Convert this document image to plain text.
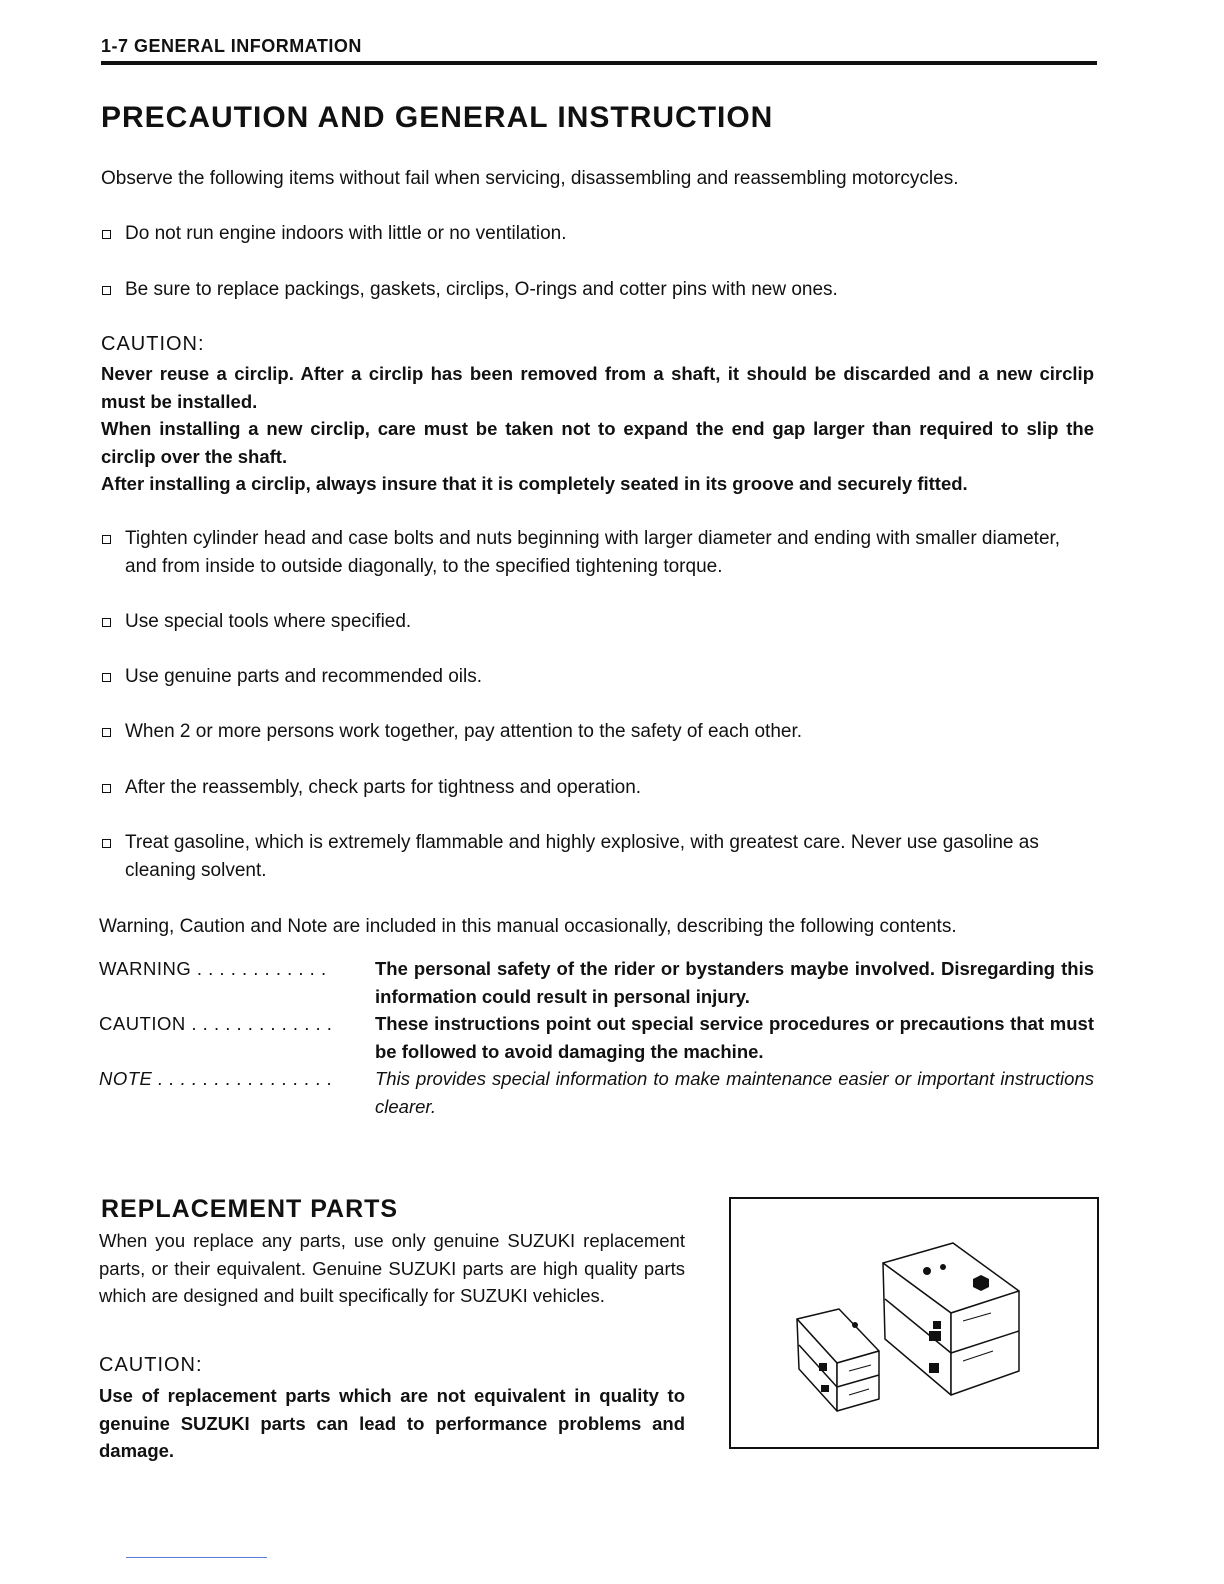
1-7 GENERAL INFORMATION
PRECAUTION AND GENERAL INSTRUCTION
Observe the following items without fail when servicing, disassembling and reassembling motorcycles.
Do not run engine indoors with little or no ventilation.
Be sure to replace packings, gaskets, circlips, O-rings and cotter pins with new ones.
CAUTION:
Never reuse a circlip. After a circlip has been removed from a shaft, it should be discarded and a new circlip must be installed.
When installing a new circlip, care must be taken not to expand the end gap larger than required to slip the circlip over the shaft.
After installing a circlip, always insure that it is completely seated in its groove and securely fitted.
Tighten cylinder head and case bolts and nuts beginning with larger diameter and ending with smaller diameter, and from inside to outside diagonally, to the specified tightening torque.
Use special tools where specified.
Use genuine parts and recommended oils.
When 2 or more persons work together, pay attention to the safety of each other.
After the reassembly, check parts for tightness and operation.
Treat gasoline, which is extremely flammable and highly explosive, with greatest care. Never use gasoline as cleaning solvent.
Warning, Caution and Note are included in this manual occasionally, describing the following contents.
WARNING . . . . . . . . . . . .	The personal safety of the rider or bystanders maybe involved. Disregarding this information could result in personal injury.
CAUTION . . . . . . . . . . . . .	These instructions point out special service procedures or precautions that must be followed to avoid damaging the machine.
NOTE . . . . . . . . . . . . . . . .	This provides special information to make maintenance easier or important instructions clearer.
REPLACEMENT PARTS
When you replace any parts, use only genuine SUZUKI replacement parts, or their equivalent. Genuine SUZUKI parts are high quality parts which are designed and built specifically for SUZUKI vehicles.
CAUTION:
Use of replacement parts which are not equivalent in quality to genuine SUZUKI parts can lead to performance problems and damage.
